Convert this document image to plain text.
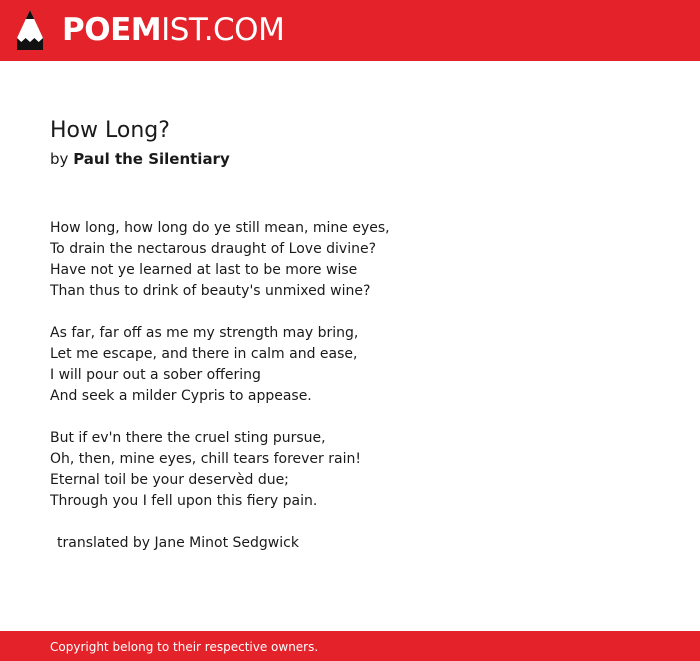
POEMIST.COM
How Long?
by Paul the Silentiary

How long, how long do ye still mean, mine eyes,
To drain the nectarous draught of Love divine?
Have not ye learned at last to be more wise
Than thus to drink of beauty's unmixed wine?

As far, far off as me my strength may bring,
Let me escape, and there in calm and ease,
I will pour out a sober offering
And seek a milder Cypris to appease.

But if ev'n there the cruel sting pursue,
Oh, then, mine eyes, chill tears forever rain!
Eternal toil be your deservèd due;
Through you I fell upon this fiery pain.

translated by Jane Minot Sedgwick

Copyright belong to their respective owners.
